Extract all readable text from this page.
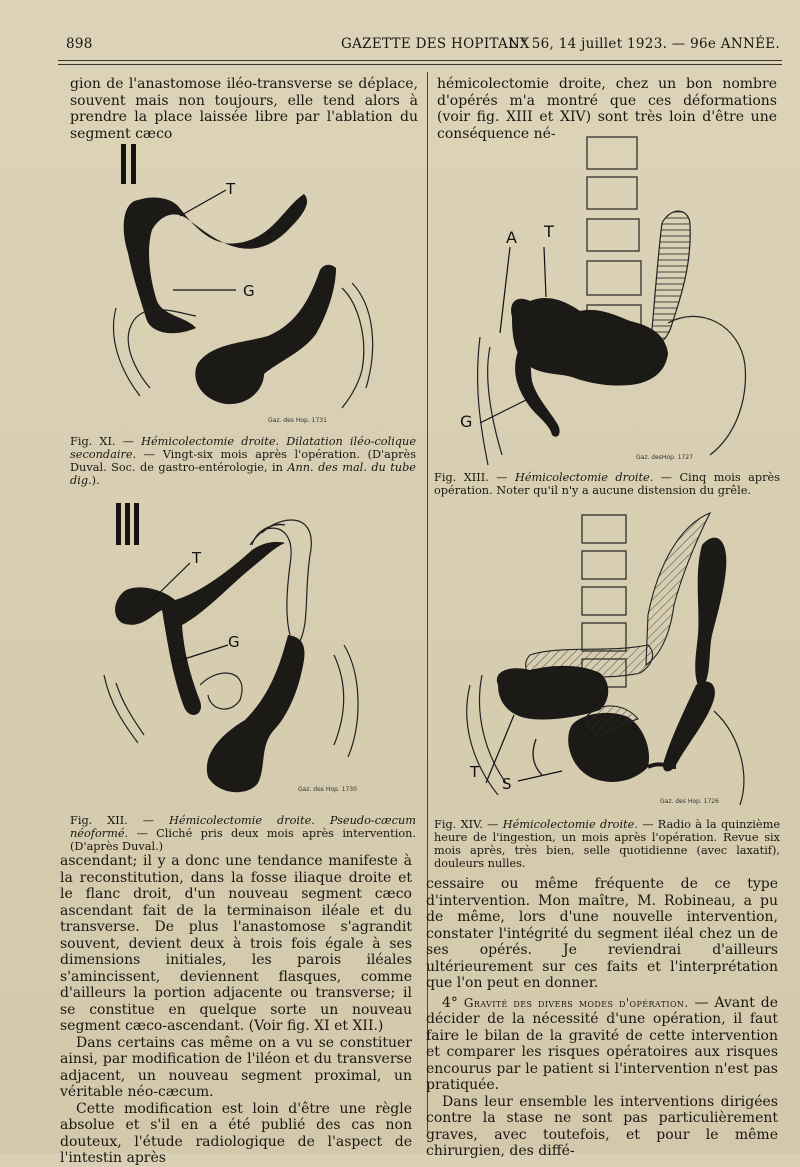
898	GAZETTE DES HOPITAUX
N° 56, 14 juillet 1923. — 96e ANNÉE.

gion de l'anastomose iléo-transverse se déplace, souvent mais non toujours, elle tend alors à prendre la place laissée libre par l'ablation du segment cæco

T
G
Gaz. des Hop. 1731
Fig. XI. — Hémicolectomie droite. Dilatation iléo-colique secondaire. — Vingt-six mois après l'opération. (D'après Duval. Soc. de gastro-entérologie, in Ann. des mal. du tube dig.).
T
G
Gaz. des Hop. 1730
Fig. XII. — Hémicolectomie droite. Pseudo-cæcum néoformé. — Cliché pris deux mois après intervention. (D'après Duval.)

ascendant; il y a donc une tendance manifeste à la reconstitution, dans la fosse iliaque droite et le flanc droit, d'un nouveau segment cæco ascendant fait de la terminaison iléale et du transverse. De plus l'anastomose s'agrandit souvent, devient deux à trois fois égale à ses dimensions initiales, les parois iléales s'amincissent, deviennent flasques, comme d'ailleurs la portion adjacente ou transverse; il se constitue en quelque sorte un nouveau segment cæco-ascendant. (Voir fig. XI et XII.)

Dans certains cas même on a vu se constituer ainsi, par modification de l'iléon et du transverse adjacent, un nouveau segment proximal, un véritable néo-cæcum.

Cette modification est loin d'être une règle absolue et s'il en a été publié des cas non douteux, l'étude radiologique de l'aspect de l'intestin après

hémicolectomie droite, chez un bon nombre d'opérés m'a montré que ces déformations (voir fig. XIII et XIV) sont très loin d'être une conséquence né-

A T
G
Gaz. desHop. 1727
Fig. XIII. — Hémicolectomie droite. — Cinq mois après opération. Noter qu'il n'y a aucune distension du grêle.
T
S
Gaz. des Hop. 1726
Fig. XIV. — Hémicolectomie droite. — Radio à la quinzième heure de l'ingestion, un mois après l'opération. Revue six mois après, très bien, selle quotidienne (avec laxatif), douleurs nulles.

cessaire ou même fréquente de ce type d'intervention. Mon maître, M. Robineau, a pu de même, lors d'une nouvelle intervention, constater l'intégrité du segment iléal chez un de ses opérés. Je reviendrai d'ailleurs ultérieurement sur ces faits et l'interprétation que l'on peut en donner.

4° Gravité des divers modes d'opération. — Avant de décider de la nécessité d'une opération, il faut faire le bilan de la gravité de cette intervention et comparer les risques opératoires aux risques encourus par le patient si l'intervention n'est pas pratiquée.

Dans leur ensemble les interventions dirigées contre la stase ne sont pas particulièrement graves, avec toutefois, et pour le même chirurgien, des diffé-
